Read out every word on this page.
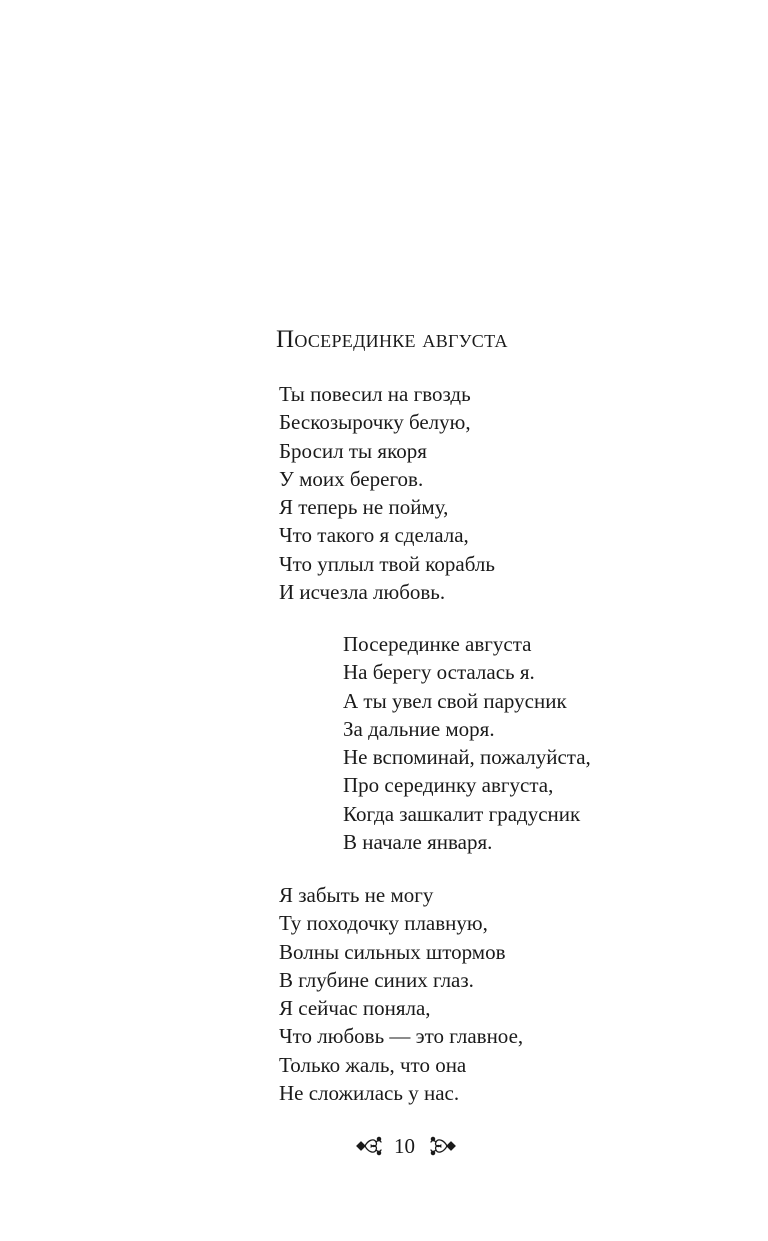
Посерединке августа
Ты повесил на гвоздь
Бескозырочку белую,
Бросил ты якоря
У моих берегов.
Я теперь не пойму,
Что такого я сделала,
Что уплыл твой корабль
И исчезла любовь.
Посерединке августа
На берегу осталась я.
А ты увел свой парусник
За дальние моря.
Не вспоминай, пожалуйста,
Про серединку августа,
Когда зашкалит градусник
В начале января.
Я забыть не могу
Ту походочку плавную,
Волны сильных штормов
В глубине синих глаз.
Я сейчас поняла,
Что любовь — это главное,
Только жаль, что она
Не сложилась у нас.
10
